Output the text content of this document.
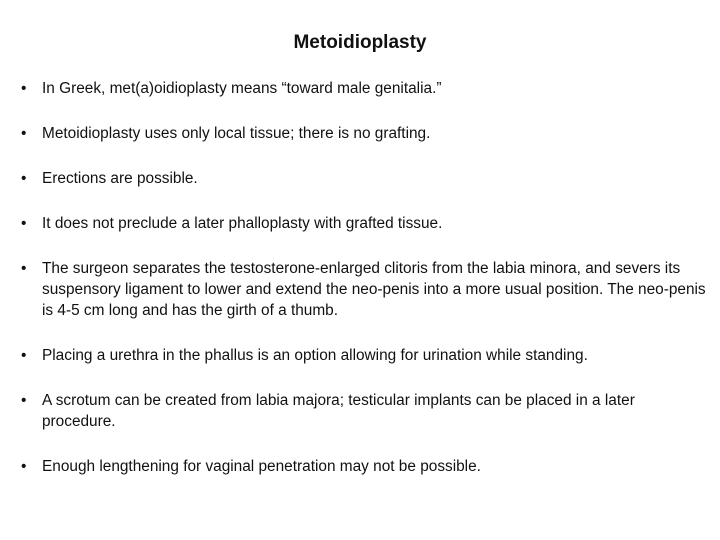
Metoidioplasty
• In Greek, met(a)oidioplasty means “toward male genitalia.”
• Metoidioplasty uses only local tissue; there is no grafting.
• Erections are possible.
• It does not preclude a later phalloplasty with grafted tissue.
• The surgeon separates the testosterone-enlarged clitoris from the labia minora, and severs its suspensory ligament to lower and extend the neo-penis into a more usual position. The neo-penis is 4-5 cm long and has the girth of a thumb.
• Placing a urethra in the phallus is an option allowing for urination while standing.
• A scrotum can be created from labia majora; testicular implants can be placed in a later procedure.
• Enough lengthening for vaginal penetration may not be possible.
